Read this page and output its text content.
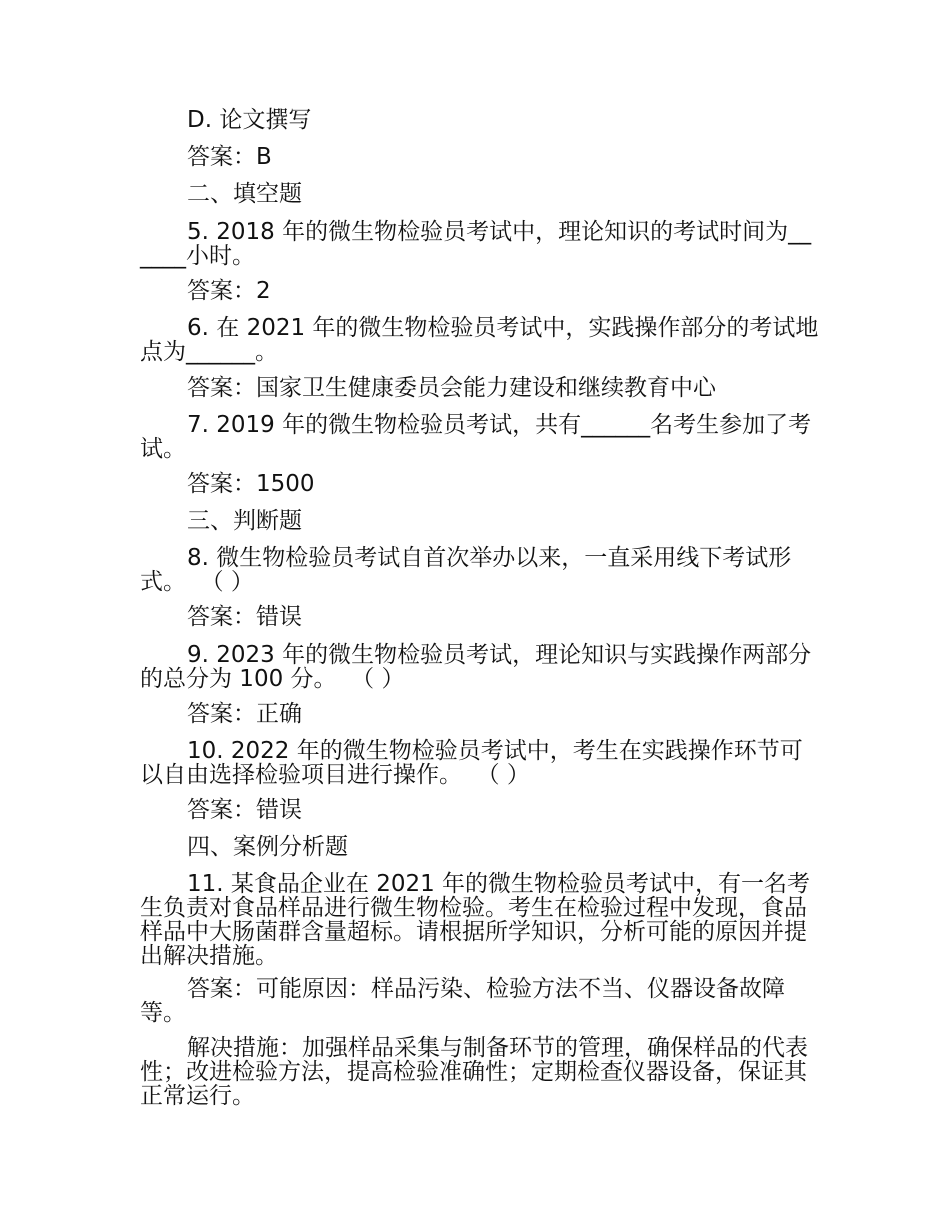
D. 论文撰写

答案：B

二、填空题

5. 2018 年的微生物检验员考试中，理论知识的考试时间为______小时。

答案：2

6. 在 2021 年的微生物检验员考试中，实践操作部分的考试地点为______。

答案：国家卫生健康委员会能力建设和继续教育中心

7. 2019 年的微生物检验员考试，共有______名考生参加了考试。

答案：1500

三、判断题

8. 微生物检验员考试自首次举办以来，一直采用线下考试形式。  （ ）

答案：错误

9. 2023 年的微生物检验员考试，理论知识与实践操作两部分的总分为 100 分。  （ ）

答案：正确

10. 2022 年的微生物检验员考试中，考生在实践操作环节可以自由选择检验项目进行操作。  （ ）

答案：错误

四、案例分析题

11. 某食品企业在 2021 年的微生物检验员考试中，有一名考生负责对食品样品进行微生物检验。考生在检验过程中发现，食品样品中大肠菌群含量超标。请根据所学知识，分析可能的原因并提出解决措施。

答案：可能原因：样品污染、检验方法不当、仪器设备故障等。

解决措施：加强样品采集与制备环节的管理，确保样品的代表性；改进检验方法，提高检验准确性；定期检查仪器设备，保证其正常运行。
